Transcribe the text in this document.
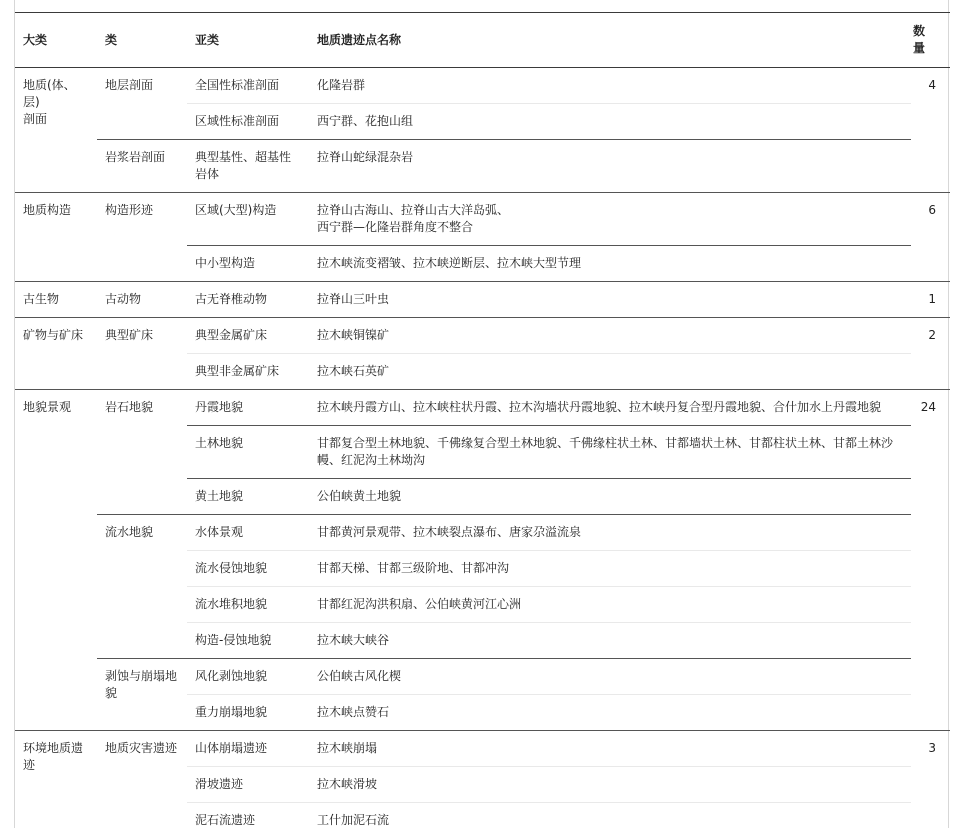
大类	类	亚类	地质遗迹点名称	数
量
地质(体、层)
剖面	地层剖面	全国性标准剖面	化隆岩群	4
		区域性标准剖面	西宁群、花抱山组	
	岩浆岩剖面	典型基性、超基性岩体	拉脊山蛇绿混杂岩	
地质构造	构造形迹	区域(大型)构造	拉脊山古海山、拉脊山古大洋岛弧、
西宁群—化隆岩群角度不整合	6
		中小型构造	拉木峡流变褶皱、拉木峡逆断层、拉木峡大型节理	
古生物	古动物	古无脊椎动物	拉脊山三叶虫	1
矿物与矿床	典型矿床	典型金属矿床	拉木峡铜镍矿	2
		典型非金属矿床	拉木峡石英矿	
地貌景观	岩石地貌	丹霞地貌	拉木峡丹霞方山、拉木峡柱状丹霞、拉木沟墙状丹霞地貌、拉木峡丹复合型丹霞地貌、合什加水上丹霞地貌	24
		土林地貌	甘都复合型土林地貌、千佛缘复合型土林地貌、千佛缘柱状土林、甘都墙状土林、甘都柱状土林、甘都土林沙幔、红泥沟土林坳沟	
		黄土地貌	公伯峡黄土地貌	
	流水地貌	水体景观	甘都黄河景观带、拉木峡裂点瀑布、唐家尕溢流泉	
		流水侵蚀地貌	甘都天梯、甘都三级阶地、甘都冲沟	
		流水堆积地貌	甘都红泥沟洪积扇、公伯峡黄河江心洲	
		构造-侵蚀地貌	拉木峡大峡谷	
	剥蚀与崩塌地貌	风化剥蚀地貌	公伯峡古风化楔	
		重力崩塌地貌	拉木峡点赞石	
环境地质遗迹	地质灾害遗迹	山体崩塌遗迹	拉木峡崩塌	3
		滑坡遗迹	拉木峡滑坡	
		泥石流遗迹	工什加泥石流	
